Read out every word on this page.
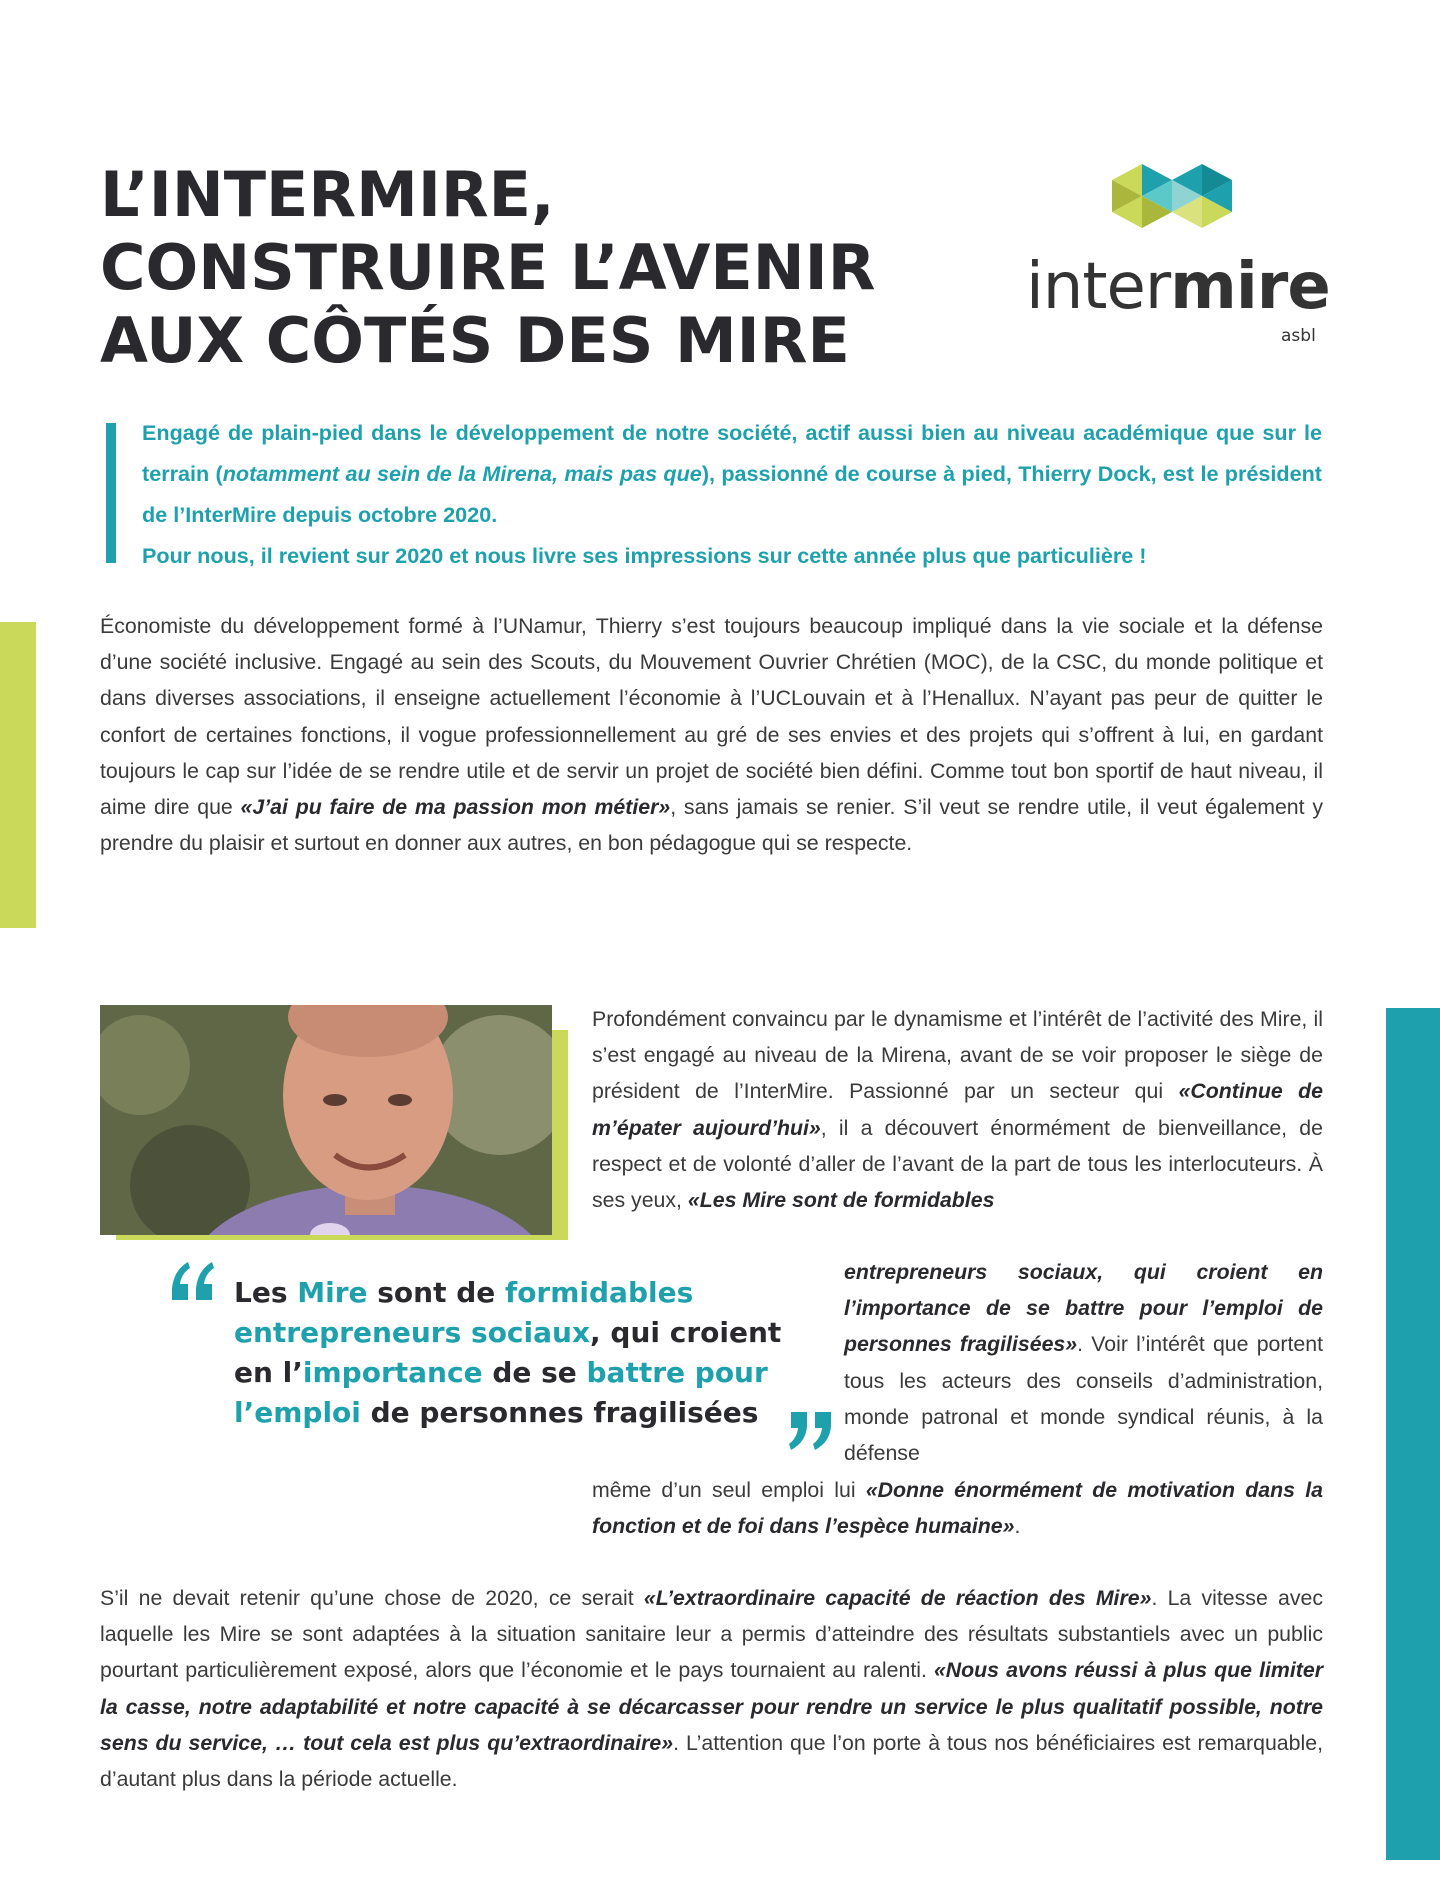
L’INTERMIRE,
CONSTRUIRE L’AVENIR
AUX CÔTÉS DES MIRE
intermire
asbl

Engagé de plain-pied dans le développement de notre société, actif aussi bien au niveau académique que sur le terrain (notamment au sein de la Mirena, mais pas que), passionné de course à pied, Thierry Dock, est le président de l’InterMire depuis octobre 2020.

Pour nous, il revient sur 2020 et nous livre ses impressions sur cette année plus que particulière !

Économiste du développement formé à l’UNamur, Thierry s’est toujours beaucoup impliqué dans la vie sociale et la défense d’une société inclusive. Engagé au sein des Scouts, du Mouvement Ouvrier Chrétien (MOC), de la CSC, du monde politique et dans diverses associations, il enseigne actuellement l’économie à l’UCLouvain et à l’Henallux. N’ayant pas peur de quitter le confort de certaines fonctions, il vogue professionnellement au gré de ses envies et des projets qui s’offrent à lui, en gardant toujours le cap sur l’idée de se rendre utile et de servir un projet de société bien défini. Comme tout bon sportif de haut niveau, il aime dire que «J’ai pu faire de ma passion mon métier», sans jamais se renier. S’il veut se rendre utile, il veut également y prendre du plaisir et surtout en donner aux autres, en bon pédagogue qui se respecte.

Profondément convaincu par le dynamisme et l’intérêt de l’activité des Mire, il s’est engagé au niveau de la Mirena, avant de se voir proposer le siège de président de l’InterMire. Passionné par un secteur qui «Continue de m’épater aujourd’hui», il a découvert énormément de bienveillance, de respect et de volonté d’aller de l’avant de la part de tous les interlocuteurs. À ses yeux, «Les Mire sont de formidables

entrepreneurs sociaux, qui croient en l’importance de se battre pour l’emploi de personnes fragilisées». Voir l’intérêt que portent tous les acteurs des conseils d’administration, monde patronal et monde syndical réunis, à la défense

même d’un seul emploi lui «Donne énormément de motivation dans la fonction et de foi dans l’espèce humaine».

Les Mire sont de formidables entrepreneurs sociaux, qui croient en l’importance de se battre pour l’emploi de personnes fragilisées

S’il ne devait retenir qu’une chose de 2020, ce serait «L’extraordinaire capacité de réaction des Mire». La vitesse avec laquelle les Mire se sont adaptées à la situation sanitaire leur a permis d’atteindre des résultats substantiels avec un public pourtant particulièrement exposé, alors que l’économie et le pays tournaient au ralenti. «Nous avons réussi à plus que limiter la casse, notre adaptabilité et notre capacité à se décarcasser pour rendre un service le plus qualitatif possible, notre sens du service, … tout cela est plus qu’extraordinaire». L’attention que l’on porte à tous nos bénéficiaires est remarquable, d’autant plus dans la période actuelle.
